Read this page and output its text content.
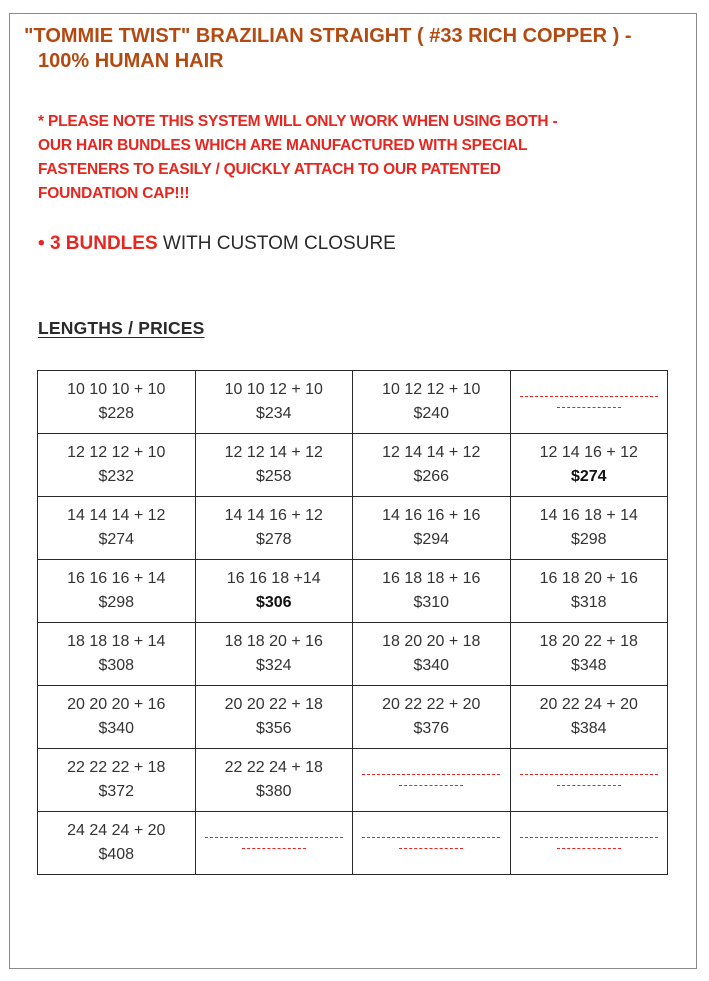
"TOMMIE TWIST" BRAZILIAN STRAIGHT ( #33 RICH COPPER ) -
100% HUMAN HAIR
* PLEASE NOTE THIS SYSTEM WILL ONLY WORK WHEN USING BOTH -
OUR HAIR BUNDLES WHICH ARE MANUFACTURED WITH SPECIAL
FASTENERS TO EASILY / QUICKLY ATTACH TO OUR PATENTED
FOUNDATION CAP!!!
• 3 BUNDLES WITH CUSTOM CLOSURE
LENGTHS / PRICES
10 10 10 + 10
$228	10 10 12 + 10
$234	10 12 12 + 10
$240	

12 12 12 + 10
$232	12 12 14 + 12
$258	12 14 14 + 12
$266	12 14 16 + 12
$274

14 14 14 + 12
$274	14 14 16 + 12
$278	14 16 16 + 16
$294	14 16 18 + 14
$298

16 16 16 + 14
$298	16 16 18 +14
$306	16 18 18 + 16
$310	16 18 20 + 16
$318

18 18 18 + 14
$308	18 18 20 + 16
$324	18 20 20 + 18
$340	18 20 22 + 18
$348

20 20 20 + 16
$340	20 20 22 + 18
$356	20 22 22 + 20
$376	20 22 24 + 20
$384

22 22 22 + 18
$372	22 22 24 + 18
$380		

24 24 24 + 20
$408			
